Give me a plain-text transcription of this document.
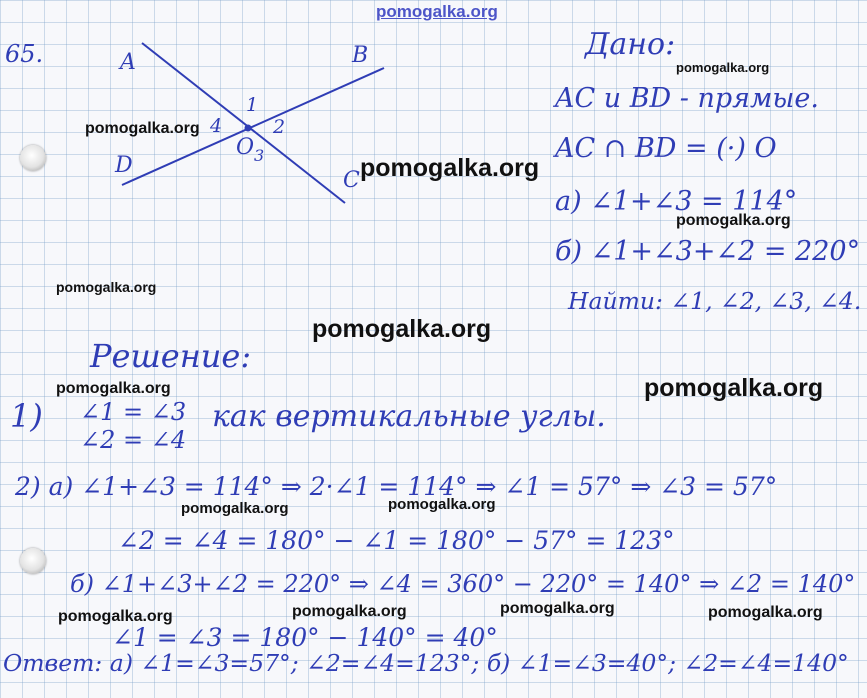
pomogalka.org
65.	A	B
C
D
O
1
2
3
4
Дано:
AC и BD - прямые.
AC ∩ BD = (·) O
а) ∠1+∠3 = 114°
б) ∠1+∠3+∠2 = 220°
Найти: ∠1, ∠2, ∠3, ∠4.
Решение:
1) ∠1 = ∠3
∠2 = ∠4
как вертикальные углы.
2) а) ∠1+∠3 = 114° ⇒ 2·∠1 = 114° ⇒ ∠1 = 57° ⇒ ∠3 = 57°
∠2 = ∠4 = 180° − ∠1 = 180° − 57° = 123°
б) ∠1+∠3+∠2 = 220° ⇒ ∠4 = 360° − 220° = 140° ⇒ ∠2 = 140°
∠1 = ∠3 = 180° − 140° = 40°
Ответ: а) ∠1=∠3=57°; ∠2=∠4=123°; б) ∠1=∠3=40°; ∠2=∠4=140°
pomogalka.org
pomogalka.org
pomogalka.org
pomogalka.org
pomogalka.org
pomogalka.org
pomogalka.org	pomogalka.org
pomogalka.org
pomogalka.org
pomogalka.org
pomogalka.org	pomogalka.org
pomogalka.org
